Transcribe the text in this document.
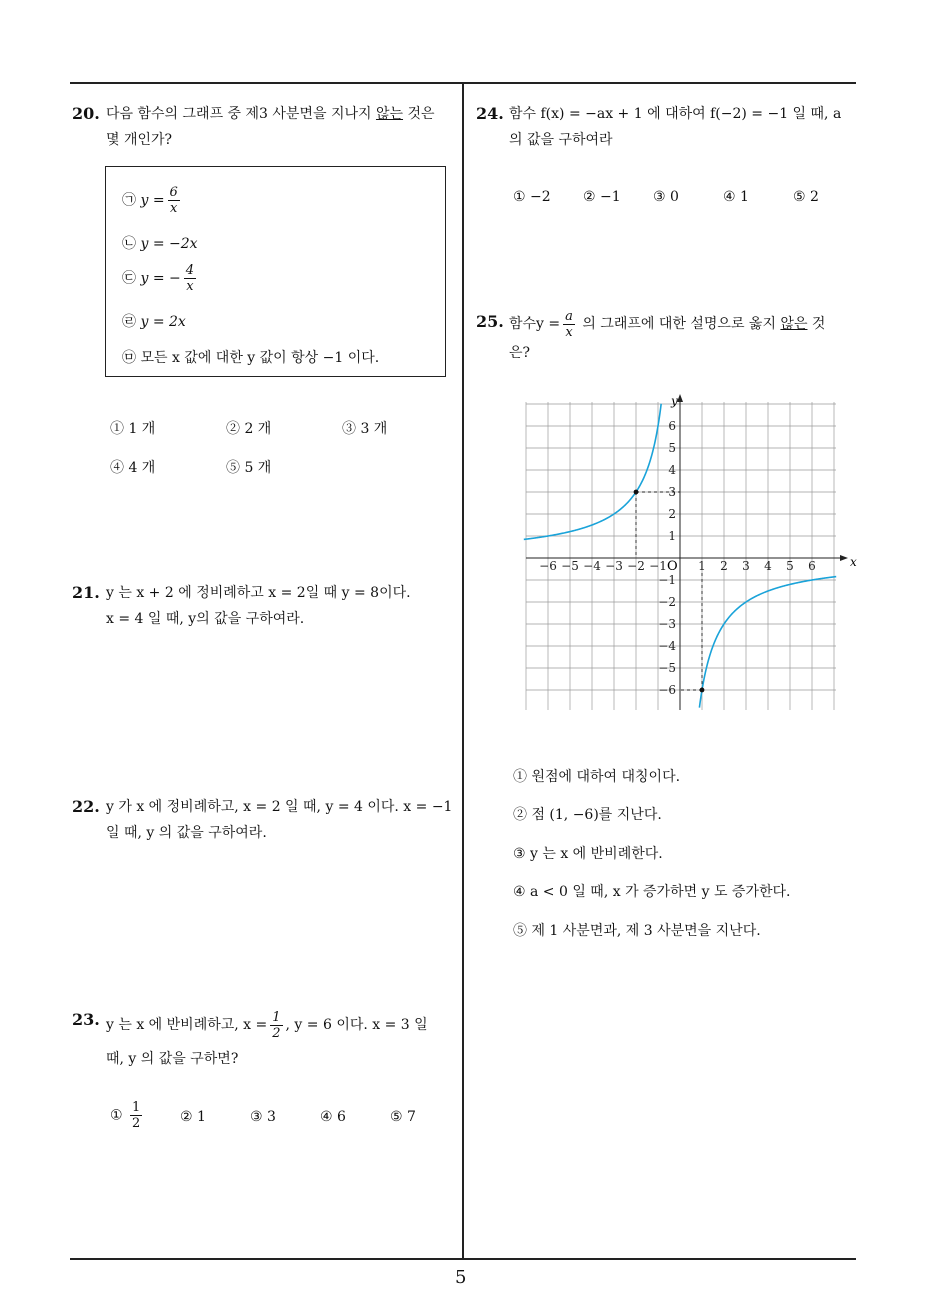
5
20. 다음 함수의 그래프 중 제3 사분면을 지나지 않는 것은
몇 개인가?
㉠ $y = \frac{6}{x}$
㉡ y = −2x
㉢ y = − $\frac{4}{x}$
㉣ y = 2x
㉤ 모든 x 값에 대한 y 값이 항상 −1 이다.
① 1 개	② 2 개	③ 3 개
④ 4 개	⑤ 5 개
21. y 는 x + 2 에 정비례하고 x = 2일 때 y = 8이다.
x = 4 일 때, y의 값을 구하여라.
22. y 가 x 에 정비례하고, x = 2 일 때, y = 4 이다. x = −1
일 때, y 의 값을 구하여라.
23. y 는 x 에 반비례하고, $x = \frac{1}{2}$ , y = 6 이다. x = 3 일
때, y 의 값을 구하면?
① $\frac{1}{2}$	② 1	③ 3	④ 6	⑤ 7
24. 함수 f(x) = −ax + 1 에 대하여 f(−2) = −1 일 때, a
의 값을 구하여라
① −2 ② −1 ③ 0	④ 1	⑤ 2
25. 함수$y = \frac{a}{x}$ 의 그래프에 대한 설명으로 옳지 않은 것
은?
x
y
O
−6 −5 −4 −3 −2 −1	1 2 3 4 5 6
6
5
4
3
2
1
−1
−2
−3
−4
−5
−6
① 원점에 대하여 대칭이다.
② 점 (1, −6)를 지난다.
③ y 는 x 에 반비례한다.
④ a < 0 일 때, x 가 증가하면 y 도 증가한다.
⑤ 제 1 사분면과, 제 3 사분면을 지난다.
